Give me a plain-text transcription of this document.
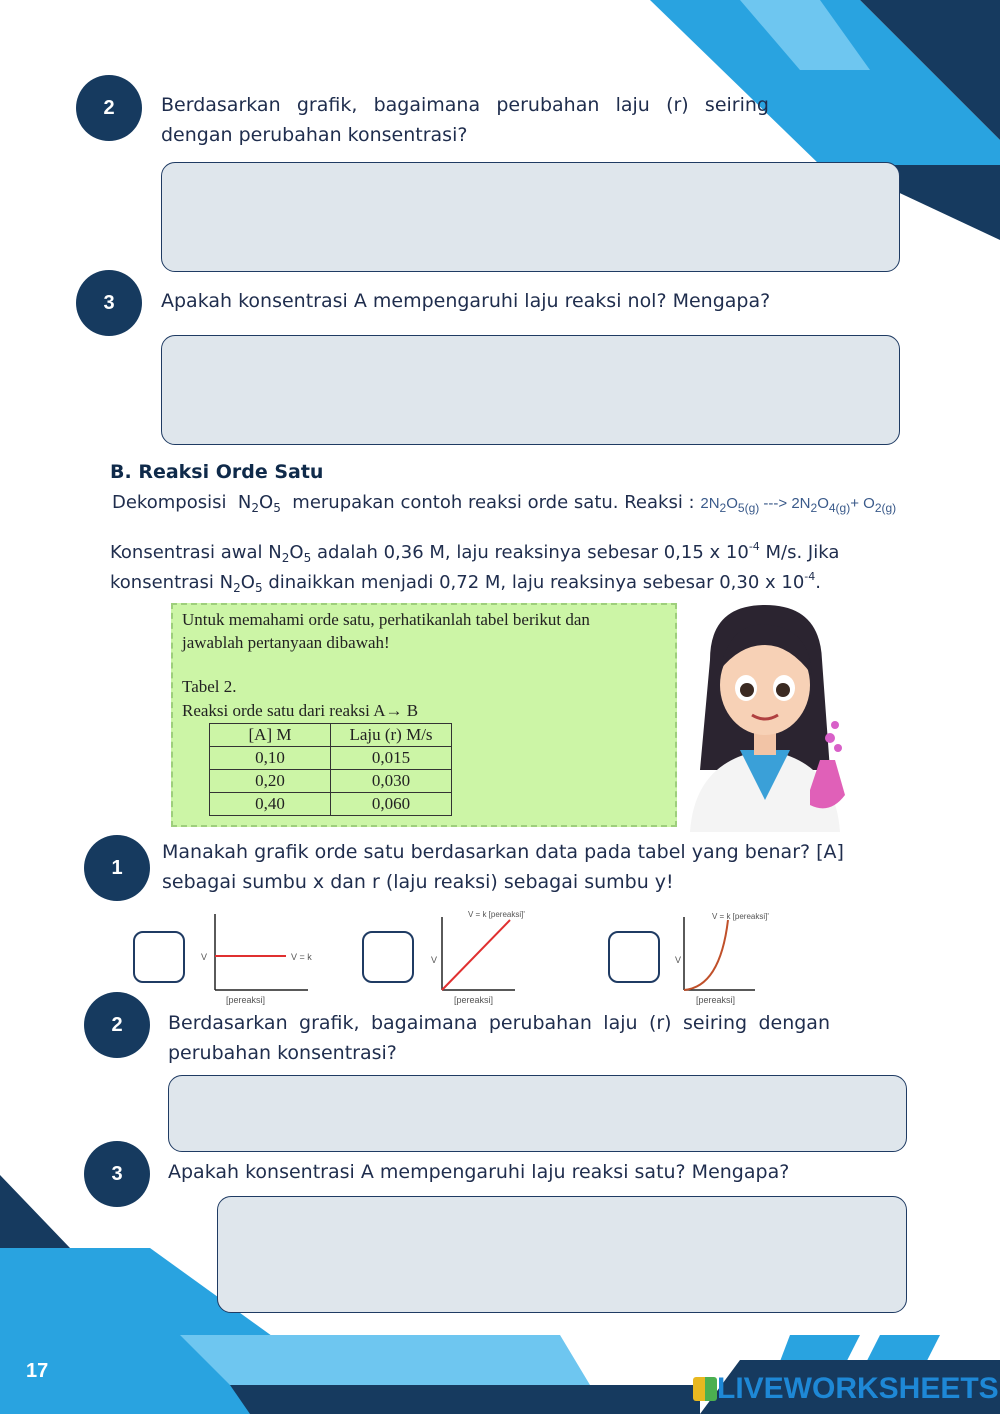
2 Berdasarkan grafik, bagaimana perubahan laju (r) seiring dengan perubahan konsentrasi?
3 Apakah konsentrasi A mempengaruhi laju reaksi nol? Mengapa?
B. Reaksi Orde Satu
Dekomposisi  $N_2O_5$ merupakan contoh reaksi orde satu. Reaksi : $2N_2O_{5(g)}$ ---> $2N_2O_{4(g)}+ O_{2(g)}$
Konsentrasi awal $N_2O_5$ adalah 0,36 M, laju reaksinya sebesar 0,15 x $10^{-4}$ M/s. Jika
konsentrasi $N_2O_5$ dinaikkan menjadi 0,72 M, laju reaksinya sebesar 0,30 x $10^{-4}$.
Untuk memahami orde satu, perhatikanlah tabel berikut dan
jawablah pertanyaan dibawah!
Tabel 2.
Reaksi orde satu dari reaksi A→ B
[A] M	Laju (r) M/s
0,10	0,015
0,20	0,030
0,40	0,060
1
Manakah grafik orde satu berdasarkan data pada tabel yang benar? [A] sebagai sumbu x dan r (laju reaksi) sebagai sumbu y!
V	V = k
[pereaksi]
V
V = k [pereaksi]'
[pereaksi]
V
V = k [pereaksi]'
[pereaksi]
2 Berdasarkan grafik, bagaimana perubahan laju (r) seiring dengan perubahan konsentrasi?
3 Apakah konsentrasi A mempengaruhi laju reaksi satu? Mengapa?
17
LIVEWORKSHEETS
